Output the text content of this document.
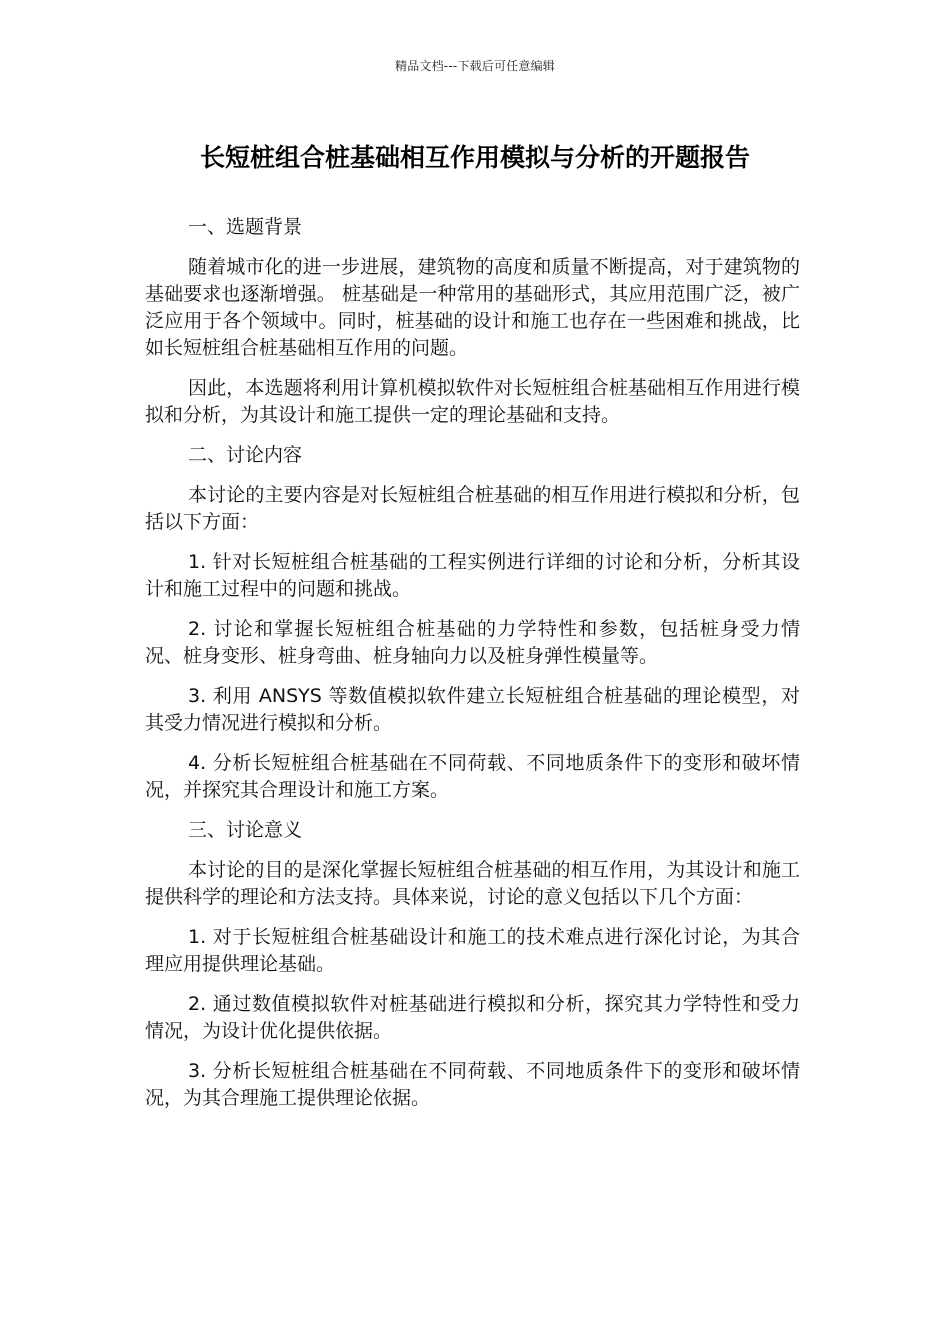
精品文档---下载后可任意编辑
长短桩组合桩基础相互作用模拟与分析的开题报告

一、选题背景

随着城市化的进一步进展，建筑物的高度和质量不断提高，对于建筑物的基础要求也逐渐增强。 桩基础是一种常用的基础形式，其应用范围广泛，被广泛应用于各个领域中。同时，桩基础的设计和施工也存在一些困难和挑战，比如长短桩组合桩基础相互作用的问题。

因此，本选题将利用计算机模拟软件对长短桩组合桩基础相互作用进行模拟和分析，为其设计和施工提供一定的理论基础和支持。

二、讨论内容

本讨论的主要内容是对长短桩组合桩基础的相互作用进行模拟和分析，包括以下方面：

1. 针对长短桩组合桩基础的工程实例进行详细的讨论和分析，分析其设计和施工过程中的问题和挑战。

2. 讨论和掌握长短桩组合桩基础的力学特性和参数，包括桩身受力情况、桩身变形、桩身弯曲、桩身轴向力以及桩身弹性模量等。

3. 利用 ANSYS 等数值模拟软件建立长短桩组合桩基础的理论模型，对其受力情况进行模拟和分析。

4. 分析长短桩组合桩基础在不同荷载、不同地质条件下的变形和破坏情况，并探究其合理设计和施工方案。

三、讨论意义

本讨论的目的是深化掌握长短桩组合桩基础的相互作用，为其设计和施工提供科学的理论和方法支持。具体来说，讨论的意义包括以下几个方面：

1. 对于长短桩组合桩基础设计和施工的技术难点进行深化讨论，为其合理应用提供理论基础。

2. 通过数值模拟软件对桩基础进行模拟和分析，探究其力学特性和受力情况，为设计优化提供依据。

3. 分析长短桩组合桩基础在不同荷载、不同地质条件下的变形和破坏情况，为其合理施工提供理论依据。
